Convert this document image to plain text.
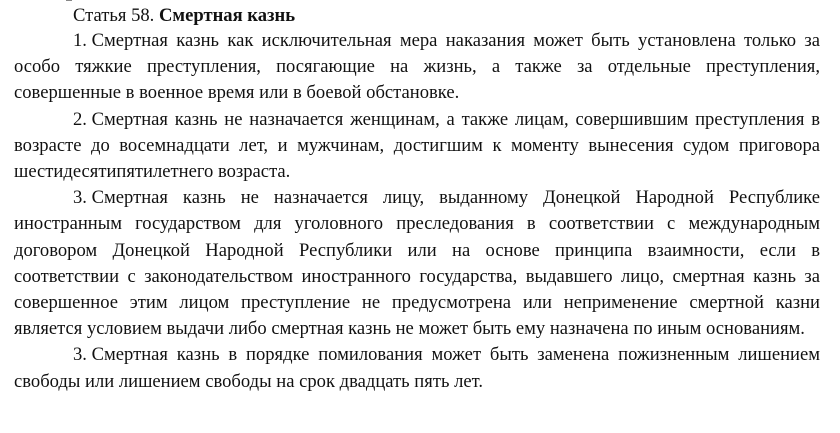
Статья 58. Смертная казнь

1. Смертная казнь как исключительная мера наказания может быть установлена только за особо тяжкие преступления, посягающие на жизнь, а также за отдельные преступления, совершенные в военное время или в боевой обстановке.

2. Смертная казнь не назначается женщинам, а также лицам, совершившим преступления в возрасте до восемнадцати лет, и мужчинам, достигшим к моменту вынесения судом приговора шестидесятипятилетнего возраста.

3. Смертная казнь не назначается лицу, выданному Донецкой Народной Республике иностранным государством для уголовного преследования в соответствии с международным договором Донецкой Народной Республики или на основе принципа взаимности, если в соответствии с законодательством иностранного государства, выдавшего лицо, смертная казнь за совершенное этим лицом преступление не предусмотрена или неприменение смертной казни является условием выдачи либо смертная казнь не может быть ему назначена по иным основаниям.

3. Смертная казнь в порядке помилования может быть заменена пожизненным лишением свободы или лишением свободы на срок двадцать пять лет.
